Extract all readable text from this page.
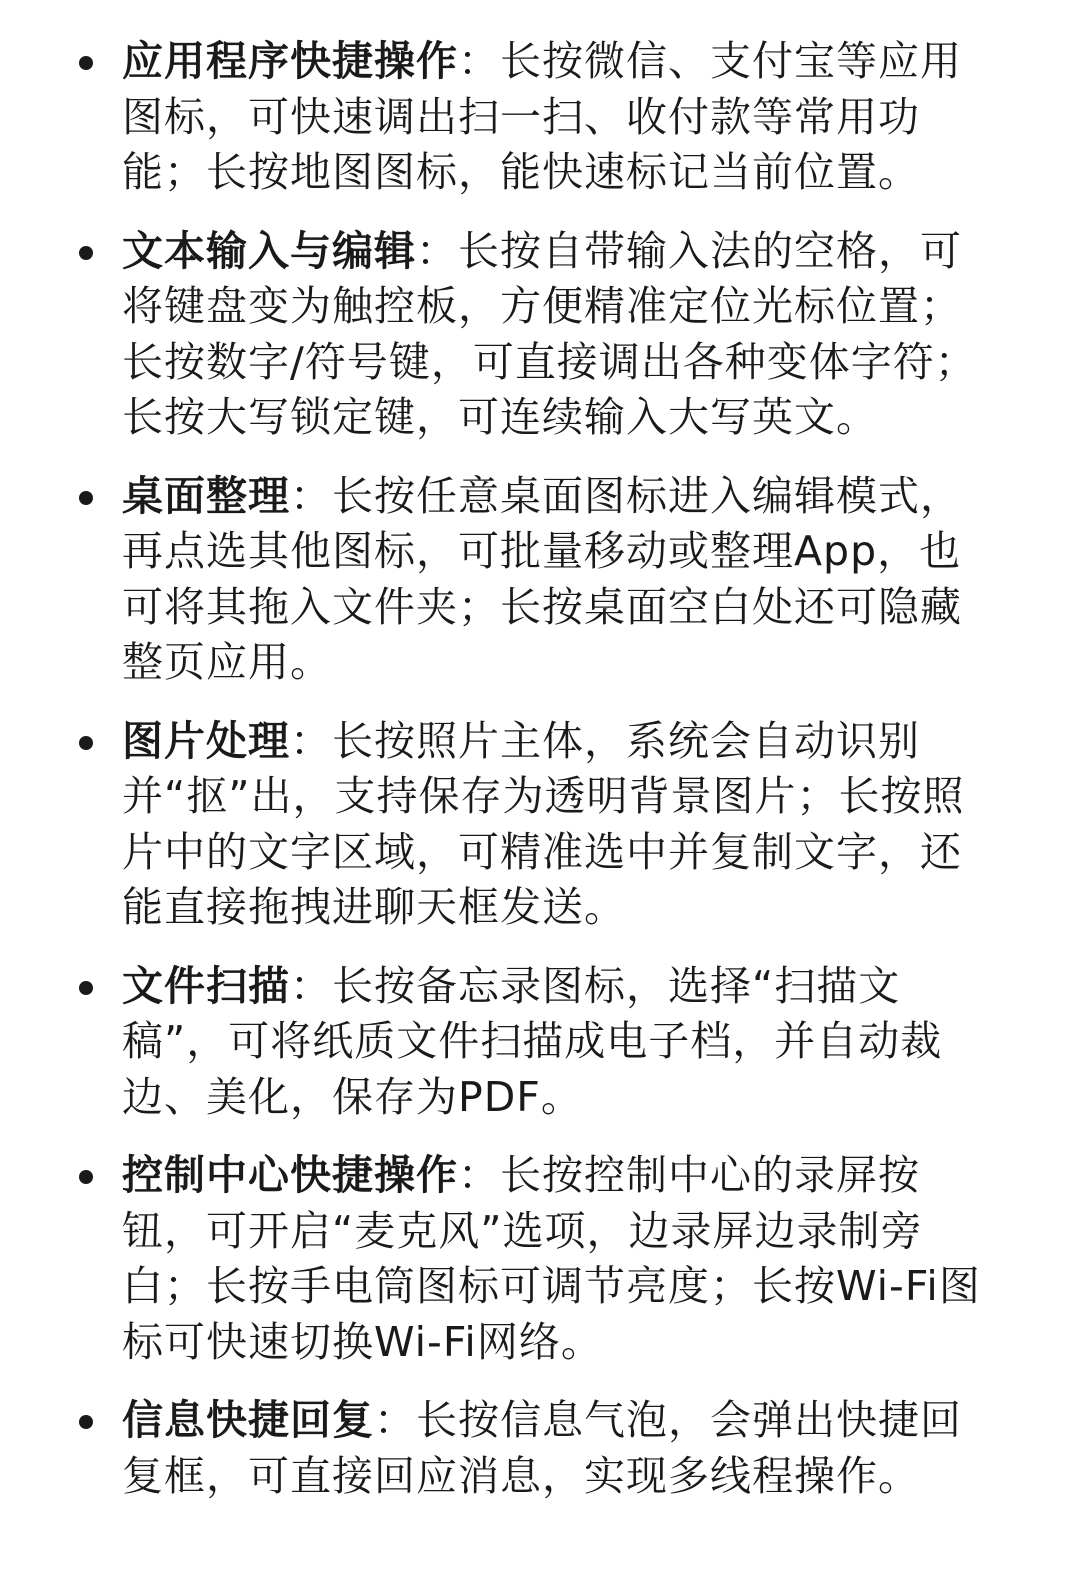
应用程序快捷操作：长按微信、支付宝等应用图标，可快速调出扫一扫、收付款等常用功能；长按地图图标，能快速标记当前位置。

文本输入与编辑：长按自带输入法的空格，可将键盘变为触控板，方便精准定位光标位置；长按数字/符号键，可直接调出各种变体字符；长按大写锁定键，可连续输入大写英文。

桌面整理：长按任意桌面图标进入编辑模式，再点选其他图标，可批量移动或整理App，也可将其拖入文件夹；长按桌面空白处还可隐藏整页应用。

图片处理：长按照片主体，系统会自动识别并“抠”出，支持保存为透明背景图片；长按照片中的文字区域，可精准选中并复制文字，还能直接拖拽进聊天框发送。

文件扫描：长按备忘录图标，选择“扫描文稿”，可将纸质文件扫描成电子档，并自动裁边、美化，保存为PDF。

控制中心快捷操作：长按控制中心的录屏按钮，可开启“麦克风”选项，边录屏边录制旁白；长按手电筒图标可调节亮度；长按Wi-Fi图标可快速切换Wi-Fi网络。

信息快捷回复：长按信息气泡，会弹出快捷回复框，可直接回应消息，实现多线程操作。
